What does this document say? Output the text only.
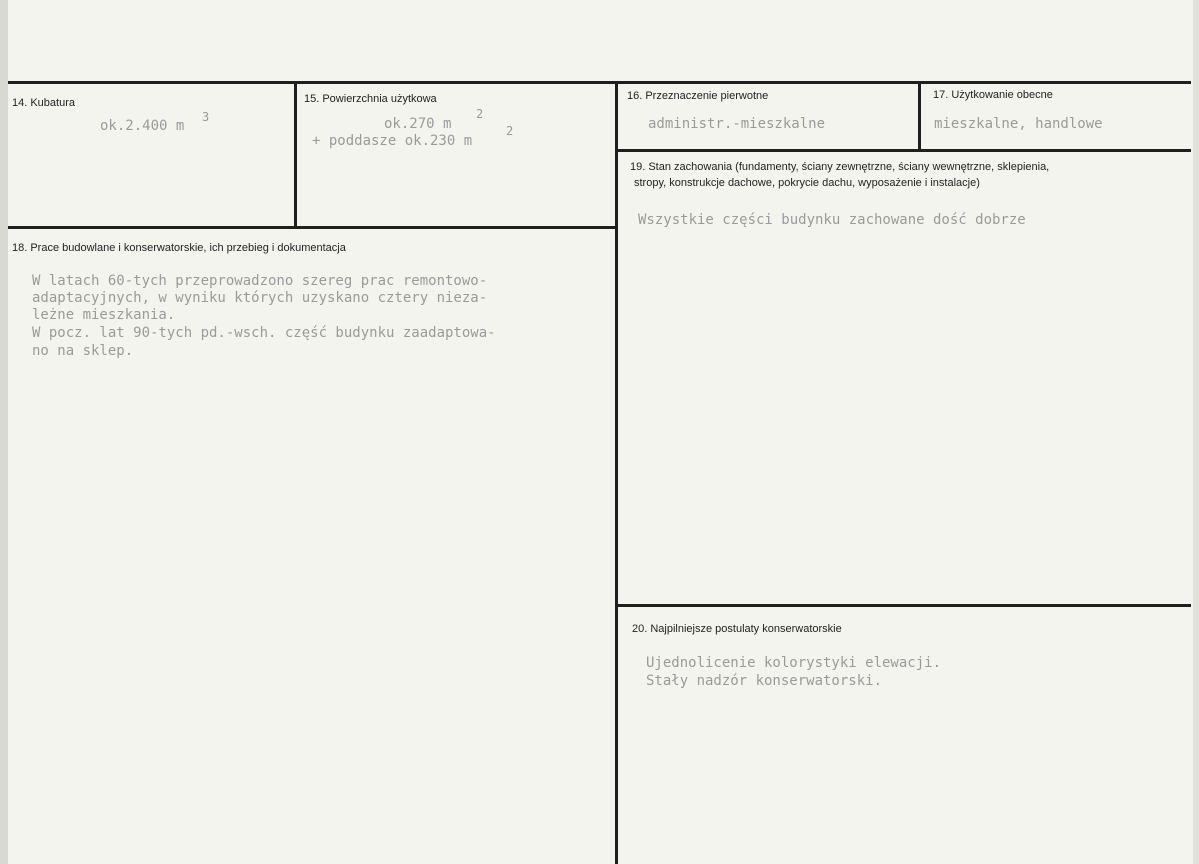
14. Kubatura
ok.2.400 m
3
15. Powierzchnia użytkowa
ok.270 m
2
+ poddasze ok.230 m
2
16. Przeznaczenie pierwotne
administr.-mieszkalne
17. Użytkowanie obecne
mieszkalne, handlowe
19. Stan zachowania (fundamenty, ściany zewnętrzne, ściany wewnętrzne, sklepienia,
stropy, konstrukcje dachowe, pokrycie dachu, wyposażenie i instalacje)
Wszystkie części budynku zachowane dość dobrze
18. Prace budowlane i konserwatorskie, ich przebieg i dokumentacja
W latach 60-tych przeprowadzono szereg prac remontowo-
adaptacyjnych, w wyniku których uzyskano cztery nieza-
leżne mieszkania.
W pocz. lat 90-tych pd.-wsch. część budynku zaadaptowa-
no na sklep.
20. Najpilniejsze postulaty konserwatorskie
Ujednolicenie kolorystyki elewacji.
Stały nadzór konserwatorski.
